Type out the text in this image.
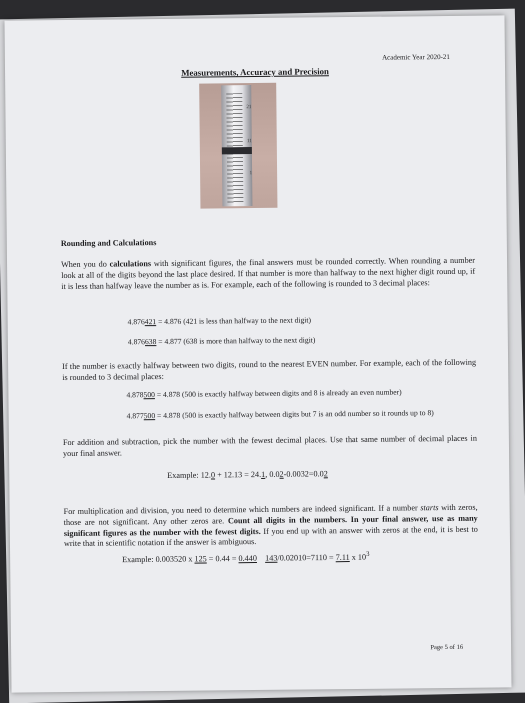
Academic Year 2020-21
Measurements, Accuracy and Precision
21
11
1
Rounding and Calculations
When you do calculations with significant figures, the final answers must be rounded correctly. When rounding a number look at all of the digits beyond the last place desired. If that number is more than halfway to the next higher digit round up, if it is less than halfway leave the number as is. For example, each of the following is rounded to 3 decimal places:
4.876421 = 4.876 (421 is less than halfway to the next digit)
4.876638 = 4.877 (638 is more than halfway to the next digit)
If the number is exactly halfway between two digits, round to the nearest EVEN number. For example, each of the following is rounded to 3 decimal places:
4.878500 = 4.878 (500 is exactly halfway between digits and 8 is already an even number)
4.877500 = 4.878 (500 is exactly halfway between digits but 7 is an odd number so it rounds up to 8)
For addition and subtraction, pick the number with the fewest decimal places. Use that same number of decimal places in your final answer.
Example: 12.0 + 12.13 = 24.1, 0.02-0.0032=0.02
For multiplication and division, you need to determine which numbers are indeed significant. If a number starts with zeros, those are not significant. Any other zeros are. Count all digits in the numbers. In your final answer, use as many significant figures as the number with the fewest digits. If you end up with an answer with zeros at the end, it is best to write that in scientific notation if the answer is ambiguous.
Example: 0.003520 x 125 = 0.44 = 0.440 143/0.02010=7110 = 7.11 x $10^3$
Page 5 of 16
